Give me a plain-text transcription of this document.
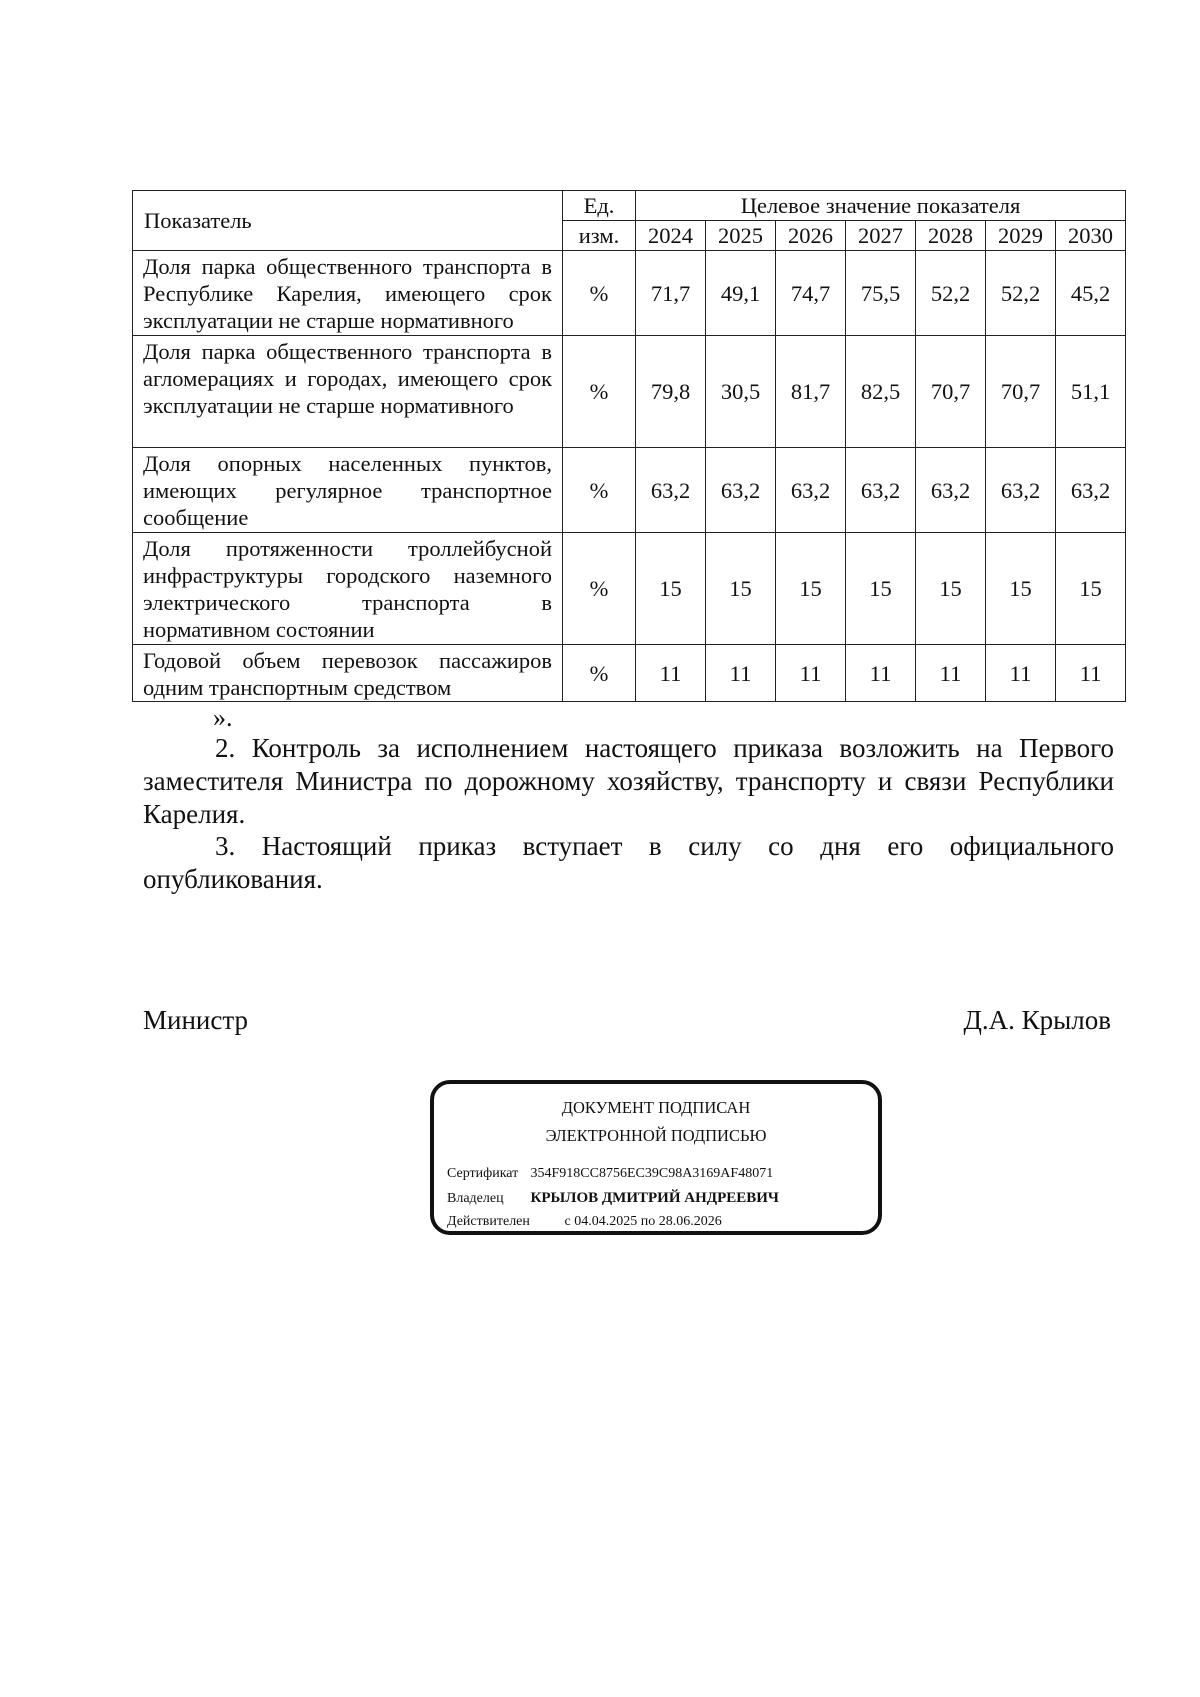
Показатель	Ед.	Целевое значение показателя						
	изм.	2024	2025	2026	2027	2028	2029	2030
Доля парка общественного транспорта в Республике Карелия, имеющего срок эксплуатации не старше нормативного	%	71,7	49,1	74,7	75,5	52,2	52,2	45,2
Доля парка общественного транспорта в агломерациях и городах, имеющего срок эксплуатации не старше нормативного	%	79,8	30,5	81,7	82,5	70,7	70,7	51,1
Доля опорных населенных пунктов, имеющих регулярное транспортное сообщение	%	63,2	63,2	63,2	63,2	63,2	63,2	63,2
Доля протяженности троллейбусной инфраструктуры городского наземного электрического транспорта в нормативном состоянии	%	15	15	15	15	15	15	15
Годовой объем перевозок пассажиров одним транспортным средством	%	11	11	11	11	11	11	11
».

2. Контроль за исполнением настоящего приказа возложить на Первого заместителя Министра по дорожному хозяйству, транспорту и связи Республики Карелия.

3. Настоящий приказ вступает в силу со дня его официального опубликования.

Министр	Д.А. Крылов
ДОКУМЕНТ ПОДПИСАН
ЭЛЕКТРОННОЙ ПОДПИСЬЮ
Сертификат 354F918CC8756EC39C98A3169AF48071
Владелец КРЫЛОВ ДМИТРИЙ АНДРЕЕВИЧ
Действителен с 04.04.2025 по 28.06.2026
